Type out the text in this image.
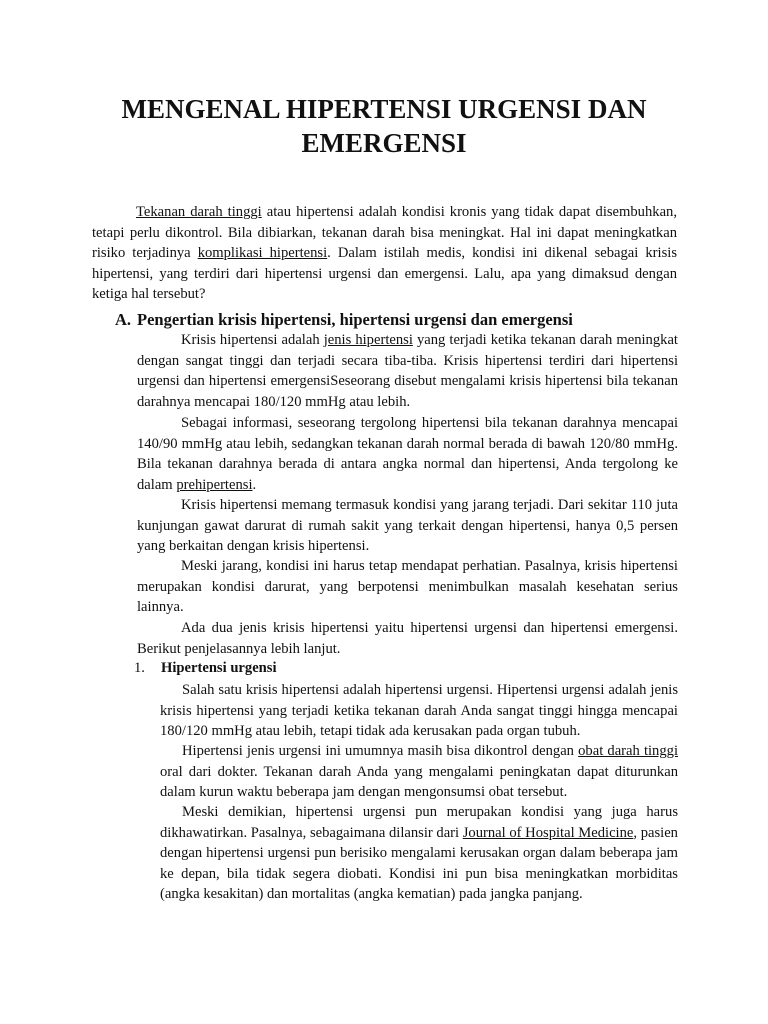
MENGENAL HIPERTENSI URGENSI DAN EMERGENSI

Tekanan darah tinggi atau hipertensi adalah kondisi kronis yang tidak dapat disembuhkan, tetapi perlu dikontrol. Bila dibiarkan, tekanan darah bisa meningkat. Hal ini dapat meningkatkan risiko terjadinya komplikasi hipertensi. Dalam istilah medis, kondisi ini dikenal sebagai krisis hipertensi, yang terdiri dari hipertensi urgensi dan emergensi. Lalu, apa yang dimaksud dengan ketiga hal tersebut?

A. Pengertian krisis hipertensi, hipertensi urgensi dan emergensi

Krisis hipertensi adalah jenis hipertensi yang terjadi ketika tekanan darah meningkat dengan sangat tinggi dan terjadi secara tiba-tiba. Krisis hipertensi terdiri dari hipertensi urgensi dan hipertensi emergensiSeseorang disebut mengalami krisis hipertensi bila tekanan darahnya mencapai 180/120 mmHg atau lebih.

Sebagai informasi, seseorang tergolong hipertensi bila tekanan darahnya mencapai 140/90 mmHg atau lebih, sedangkan tekanan darah normal berada di bawah 120/80 mmHg. Bila tekanan darahnya berada di antara angka normal dan hipertensi, Anda tergolong ke dalam prehipertensi.

Krisis hipertensi memang termasuk kondisi yang jarang terjadi. Dari sekitar 110 juta kunjungan gawat darurat di rumah sakit yang terkait dengan hipertensi, hanya 0,5 persen yang berkaitan dengan krisis hipertensi.

Meski jarang, kondisi ini harus tetap mendapat perhatian. Pasalnya, krisis hipertensi merupakan kondisi darurat, yang berpotensi menimbulkan masalah kesehatan serius lainnya.

Ada dua jenis krisis hipertensi yaitu hipertensi urgensi dan hipertensi emergensi. Berikut penjelasannya lebih lanjut.

1. Hipertensi urgensi

Salah satu krisis hipertensi adalah hipertensi urgensi. Hipertensi urgensi adalah jenis krisis hipertensi yang terjadi ketika tekanan darah Anda sangat tinggi hingga mencapai 180/120 mmHg atau lebih, tetapi tidak ada kerusakan pada organ tubuh.

Hipertensi jenis urgensi ini umumnya masih bisa dikontrol dengan obat darah tinggi oral dari dokter. Tekanan darah Anda yang mengalami peningkatan dapat diturunkan dalam kurun waktu beberapa jam dengan mengonsumsi obat tersebut.

Meski demikian, hipertensi urgensi pun merupakan kondisi yang juga harus dikhawatirkan. Pasalnya, sebagaimana dilansir dari Journal of Hospital Medicine, pasien dengan hipertensi urgensi pun berisiko mengalami kerusakan organ dalam beberapa jam ke depan, bila tidak segera diobati. Kondisi ini pun bisa meningkatkan morbiditas (angka kesakitan) dan mortalitas (angka kematian) pada jangka panjang.
